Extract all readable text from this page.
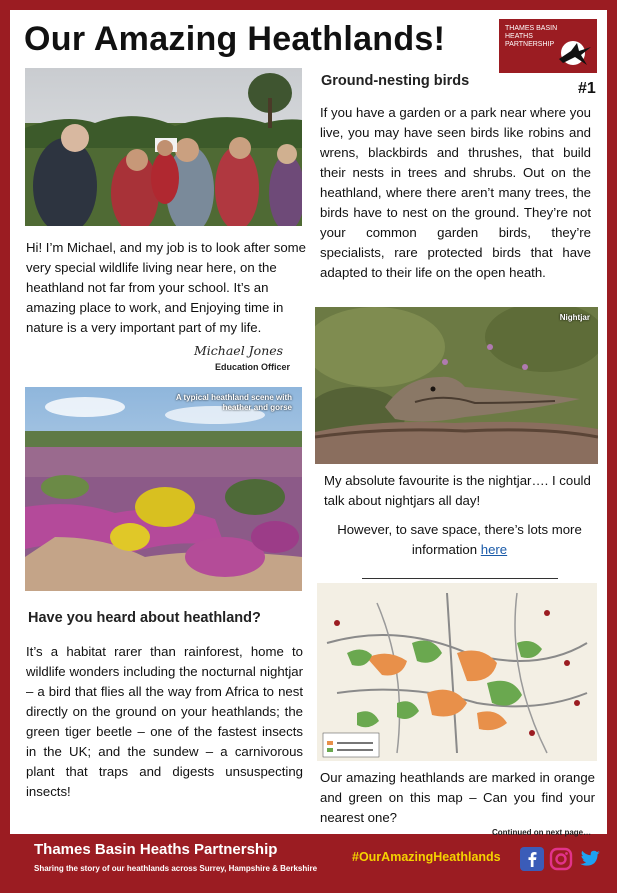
Our Amazing Heathlands!	THAMES BASIN HEATHS PARTNERSHIP
#1
Hi! I’m Michael, and my job is to look after some very special wildlife living near here, on the heathland not far from your school. It’s an amazing place to work, and Enjoying time in nature is a very important part of my life.
Michael Jones
Education Officer
A typical heathland scene with heather and gorse
Have you heard about heathland?
It’s a habitat rarer than rainforest, home to wildlife wonders including the nocturnal nightjar – a bird that flies all the way from Africa to nest directly on the ground on your heathlands; the green tiger beetle – one of the fastest insects in the UK; and the sundew – a carnivorous plant that traps and digests unsuspecting insects!
Ground-nesting birds
If you have a garden or a park near where you live, you may have seen birds like robins and wrens, blackbirds and thrushes, that build their nests in trees and shrubs. Out on the heathland, where there aren’t many trees, the birds have to nest on the ground. They’re not your common garden birds, they’re specialists, rare protected birds that have adapted to their life on the open heath.
Nightjar
My absolute favourite is the nightjar…. I could talk about nightjars all day!
However, to save space, there’s lots more information here
Our amazing heathlands are marked in orange and green on this map – Can you find your nearest one?
Continued on next page…
Thames Basin Heaths Partnership
Sharing the story of our heathlands across Surrey, Hampshire & Berkshire
#OurAmazingHeathlands
